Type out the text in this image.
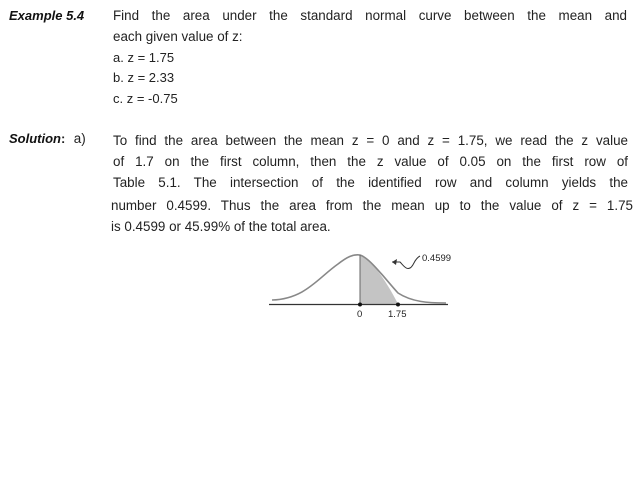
Example 5.4 Find the area under the standard normal curve between the mean and
each given value of z:
a. z = 1.75
b. z = 2.33
c. z = -0.75
Solution: a) To find the area between the mean z = 0 and z = 1.75, we read the z value
of 1.7 on the first column, then the z value of 0.05 on the first row of
Table 5.1. The intersection of the identified row and column yields the
number 0.4599. Thus the area from the mean up to the value of z = 1.75
is 0.4599 or 45.99% of the total area.
0.4599
0	1.75
